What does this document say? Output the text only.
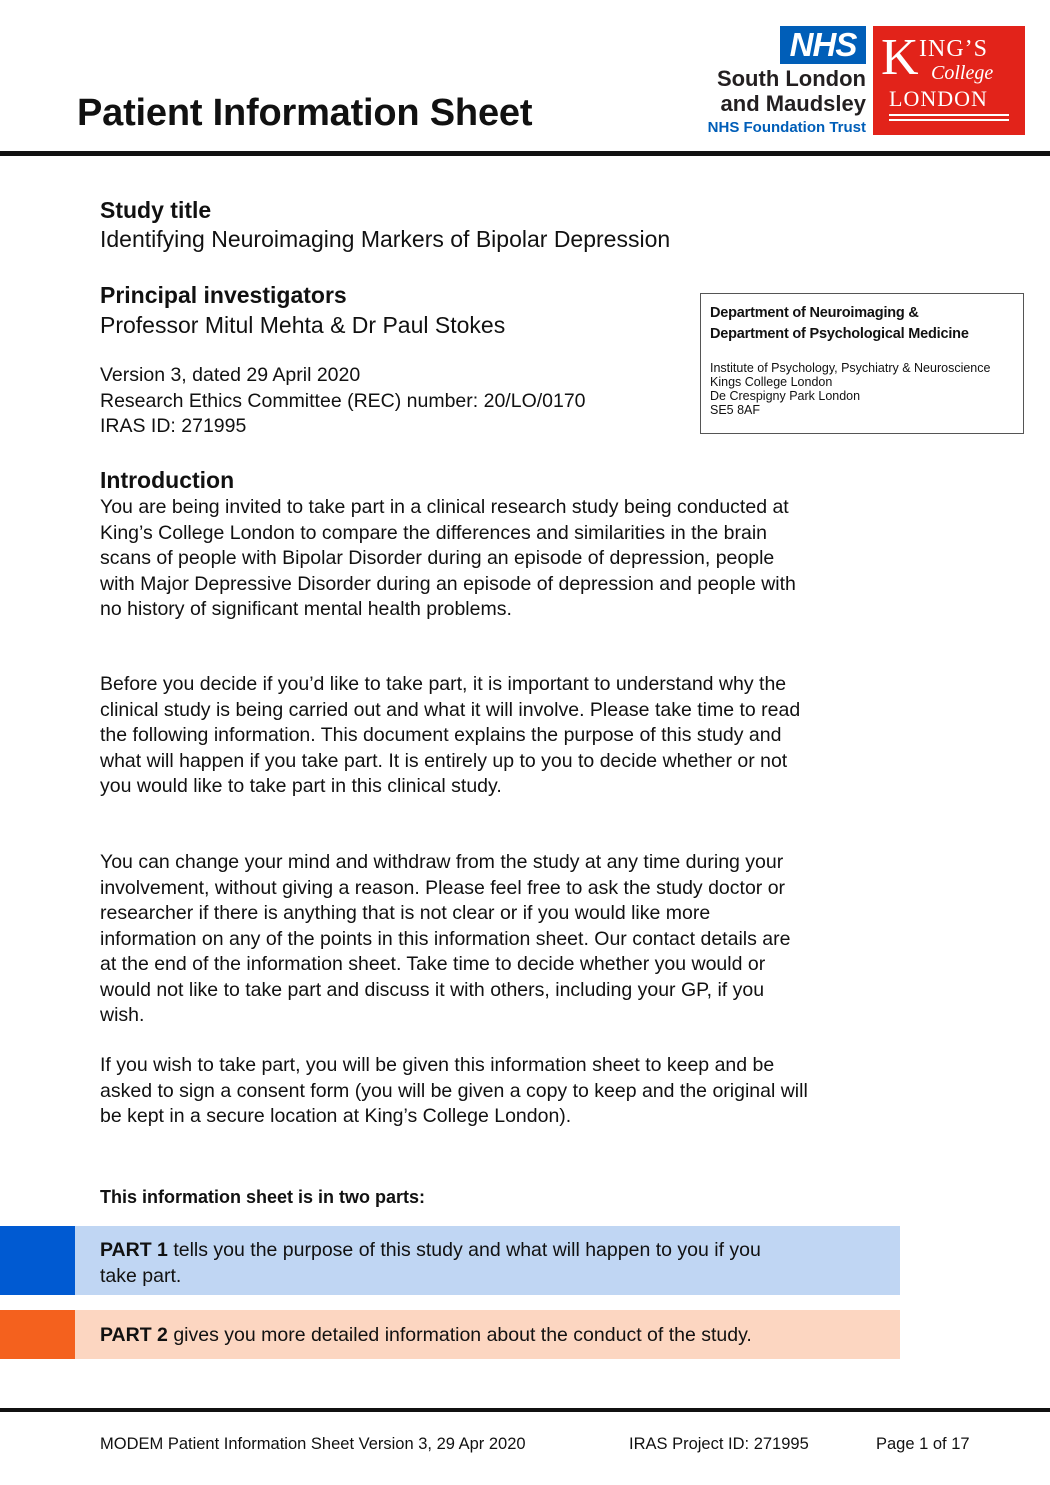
Patient Information Sheet
NHS
South London
and Maudsley
NHS Foundation Trust
K ING’S
College
LONDON
Study title
Identifying Neuroimaging Markers of Bipolar Depression
Principal investigators
Professor Mitul Mehta & Dr Paul Stokes
Version 3, dated 29 April 2020
Research Ethics Committee (REC) number: 20/LO/0170
IRAS ID: 271995
Department of Neuroimaging &
Department of Psychological Medicine
Institute of Psychology, Psychiatry & Neuroscience
Kings College London
De Crespigny Park London
SE5 8AF
Introduction
You are being invited to take part in a clinical research study being conducted at King’s College London to compare the differences and similarities in the brain scans of people with Bipolar Disorder during an episode of depression, people with Major Depressive Disorder during an episode of depression and people with no history of significant mental health problems.
Before you decide if you’d like to take part, it is important to understand why the clinical study is being carried out and what it will involve. Please take time to read the following information. This document explains the purpose of this study and what will happen if you take part. It is entirely up to you to decide whether or not you would like to take part in this clinical study.
You can change your mind and withdraw from the study at any time during your involvement, without giving a reason. Please feel free to ask the study doctor or researcher if there is anything that is not clear or if you would like more information on any of the points in this information sheet. Our contact details are at the end of the information sheet. Take time to decide whether you would or would not like to take part and discuss it with others, including your GP, if you wish.
If you wish to take part, you will be given this information sheet to keep and be asked to sign a consent form (you will be given a copy to keep and the original will be kept in a secure location at King’s College London).
This information sheet is in two parts:
PART 1 tells you the purpose of this study and what will happen to you if you take part.
PART 2 gives you more detailed information about the conduct of the study.
MODEM Patient Information Sheet Version 3, 29 Apr 2020	IRAS Project ID: 271995	Page 1 of 17
